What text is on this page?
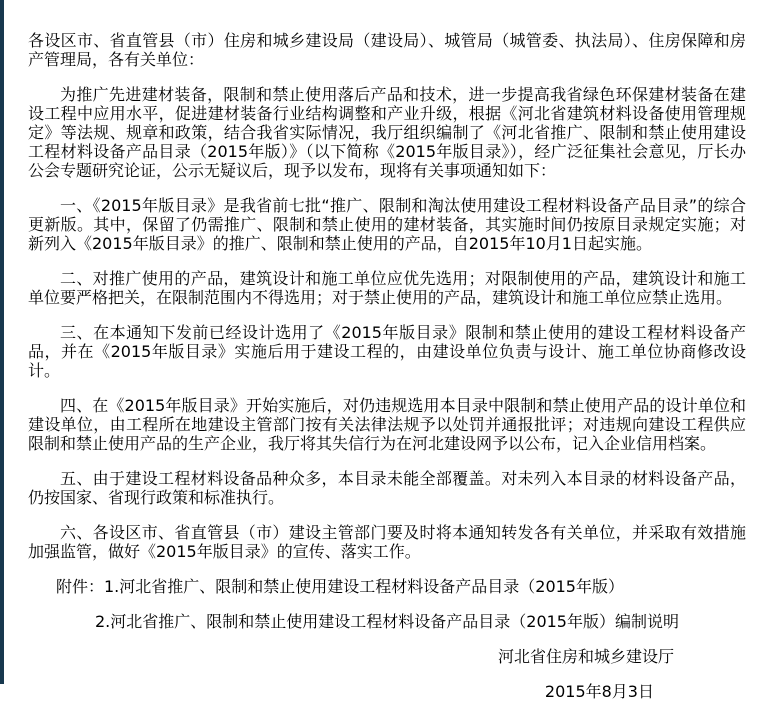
各设区市、省直管县（市）住房和城乡建设局（建设局）、城管局（城管委、执法局）、住房保障和房产管理局，各有关单位：

为推广先进建材装备，限制和禁止使用落后产品和技术，进一步提高我省绿色环保建材装备在建设工程中应用水平，促进建材装备行业结构调整和产业升级，根据《河北省建筑材料设备使用管理规定》等法规、规章和政策，结合我省实际情况，我厅组织编制了《河北省推广、限制和禁止使用建设工程材料设备产品目录（2015年版）》（以下简称《2015年版目录》），经广泛征集社会意见，厅长办公会专题研究论证，公示无疑议后，现予以发布，现将有关事项通知如下：

一、《2015年版目录》是我省前七批“推广、限制和淘汰使用建设工程材料设备产品目录”的综合更新版。其中，保留了仍需推广、限制和禁止使用的建材装备，其实施时间仍按原目录规定实施；对新列入《2015年版目录》的推广、限制和禁止使用的产品，自2015年10月1日起实施。

二、对推广使用的产品，建筑设计和施工单位应优先选用；对限制使用的产品，建筑设计和施工单位要严格把关，在限制范围内不得选用；对于禁止使用的产品，建筑设计和施工单位应禁止选用。

三、在本通知下发前已经设计选用了《2015年版目录》限制和禁止使用的建设工程材料设备产品，并在《2015年版目录》实施后用于建设工程的，由建设单位负责与设计、施工单位协商修改设计。

四、在《2015年版目录》开始实施后，对仍违规选用本目录中限制和禁止使用产品的设计单位和建设单位，由工程所在地建设主管部门按有关法律法规予以处罚并通报批评；对违规向建设工程供应限制和禁止使用产品的生产企业，我厅将其失信行为在河北建设网予以公布，记入企业信用档案。

五、由于建设工程材料设备品种众多，本目录未能全部覆盖。对未列入本目录的材料设备产品，仍按国家、省现行政策和标准执行。

六、各设区市、省直管县（市）建设主管部门要及时将本通知转发各有关单位，并采取有效措施加强监管，做好《2015年版目录》的宣传、落实工作。

附件：1.河北省推广、限制和禁止使用建设工程材料设备产品目录（2015年版）

2.河北省推广、限制和禁止使用建设工程材料设备产品目录（2015年版）编制说明

河北省住房和城乡建设厅

2015年8月3日
